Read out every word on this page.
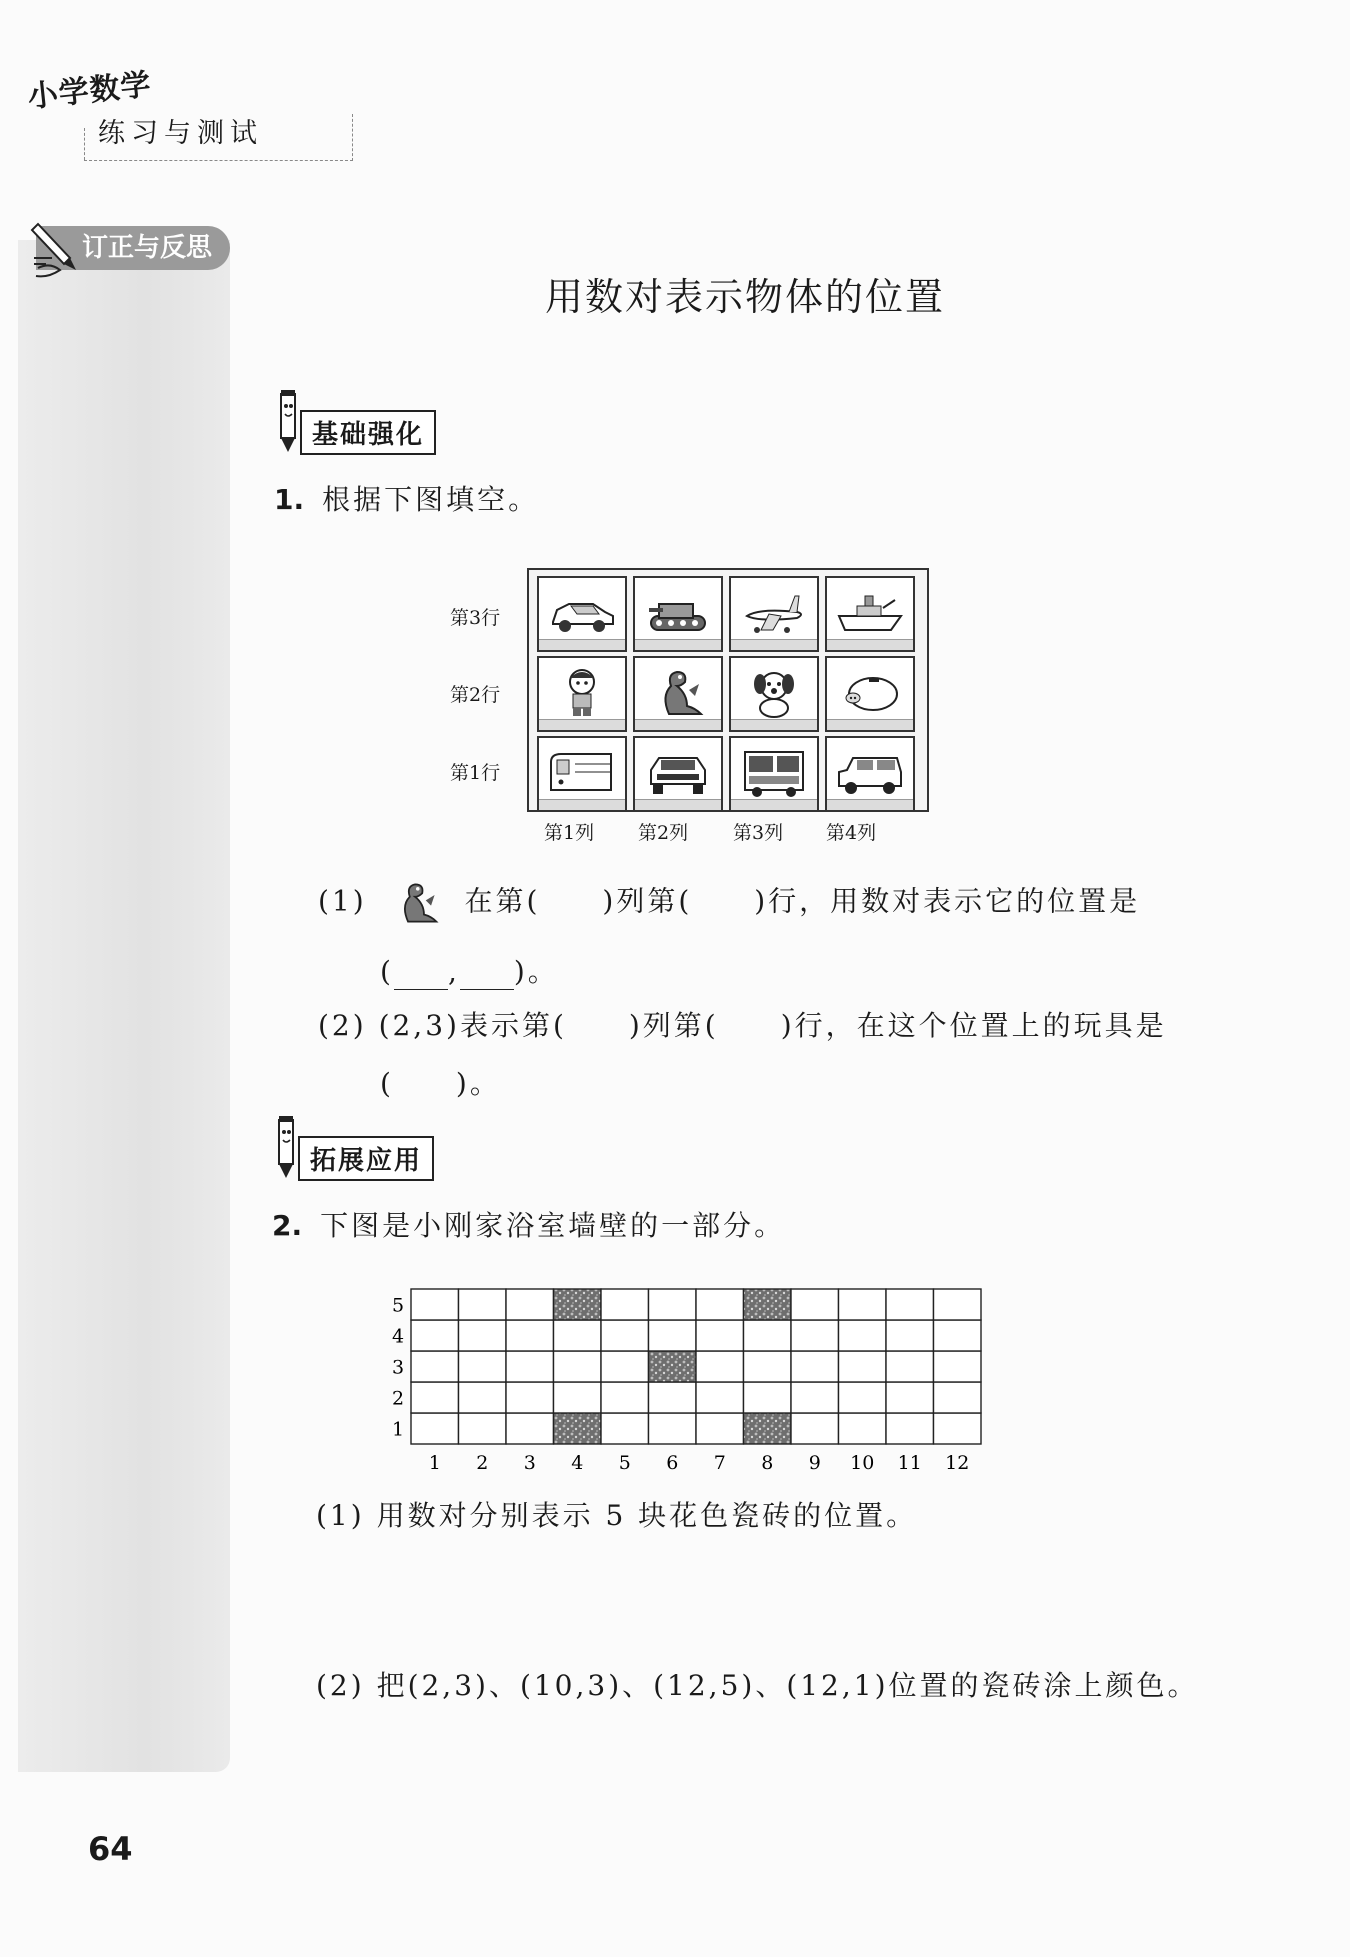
小学数学
练习与测试
订正与反思
用数对表示物体的位置
基础强化
1. 根据下图填空。
第3行
第2行
第1行
第1列 第2列 第3列 第4列
(1)	在第(　　)列第(　　)行，用数对表示它的位置是
( , )。
(2) (2,3)表示第(　　)列第(　　)行，在这个位置上的玩具是
(　　)。
拓展应用
2. 下图是小刚家浴室墙壁的一部分。
1 2 3 4 5 6 7 8 9 10 11 12
5
4
3
2
1
(1) 用数对分别表示 5 块花色瓷砖的位置。
(2) 把(2,3)、(10,3)、(12,5)、(12,1)位置的瓷砖涂上颜色。
64
